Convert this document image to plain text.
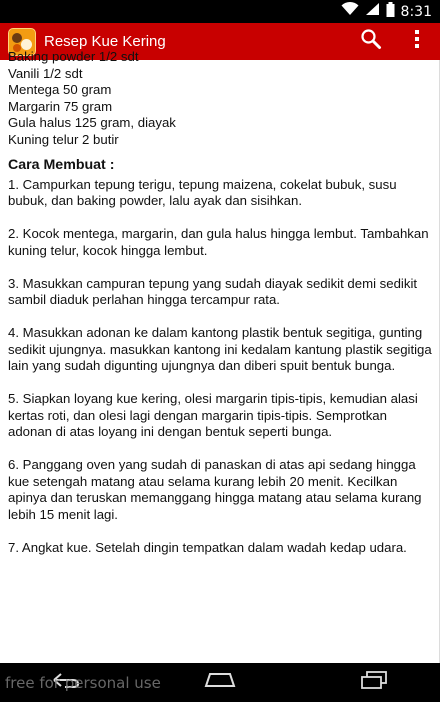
8:31
Resep Kue Kering
Baking powder 1/2 sdt
Vanili 1/2 sdt
Mentega 50 gram
Margarin 75 gram
Gula halus 125 gram, diayak
Kuning telur 2 butir
Cara Membuat :
1. Campurkan tepung terigu, tepung maizena, cokelat bubuk, susu bubuk, dan baking powder, lalu ayak dan sisihkan.
2. Kocok mentega, margarin, dan gula halus hingga lembut. Tambahkan kuning telur, kocok hingga lembut.
3. Masukkan campuran tepung yang sudah diayak sedikit demi sedikit sambil diaduk perlahan hingga tercampur rata.
4. Masukkan adonan ke dalam kantong plastik bentuk segitiga, gunting sedikit ujungnya. masukkan kantong ini kedalam kantung plastik segitiga lain yang sudah digunting ujungnya dan diberi spuit bentuk bunga.
5. Siapkan loyang kue kering, olesi margarin tipis-tipis, kemudian alasi kertas roti, dan olesi lagi dengan margarin tipis-tipis. Semprotkan adonan di atas loyang ini dengan bentuk seperti bunga.
6. Panggang oven yang sudah di panaskan di atas api sedang hingga kue setengah matang atau selama kurang lebih 20 menit. Kecilkan apinya dan teruskan memanggang hingga matang atau selama kurang lebih 15 menit lagi.
7. Angkat kue. Setelah dingin tempatkan dalam wadah kedap udara.
free for personal use
